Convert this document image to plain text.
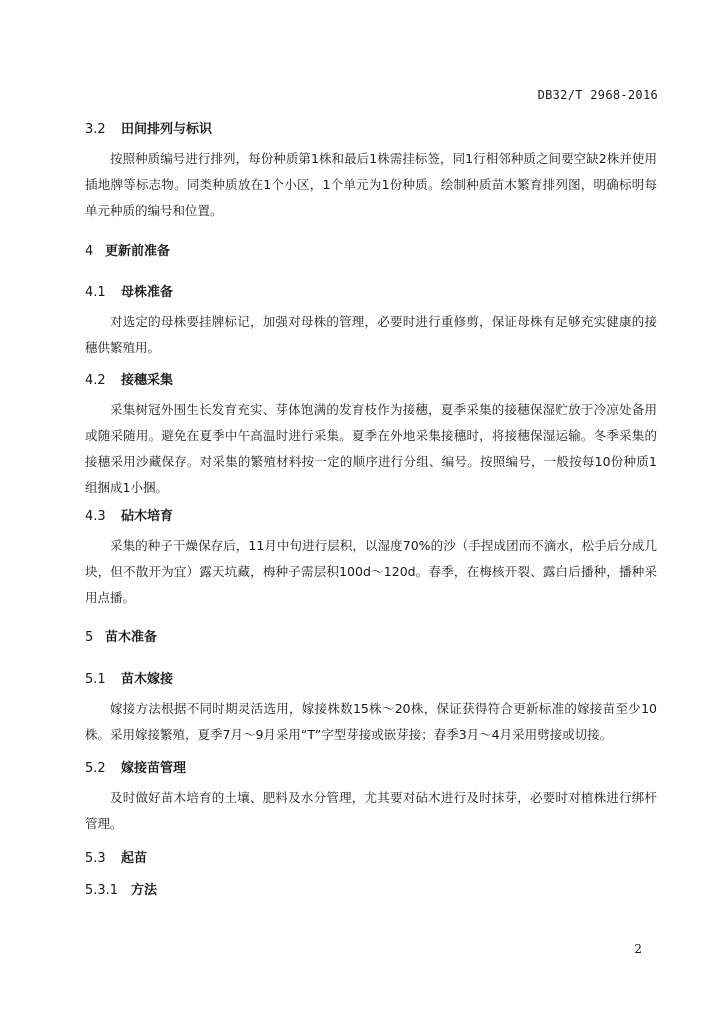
DB32/T 2968-2016
3.2 田间排列与标识
按照种质编号进行排列，每份种质第1株和最后1株需挂标签，同1行相邻种质之间要空缺2株并使用插地牌等标志物。同类种质放在1个小区，1个单元为1份种质。绘制种质苗木繁育排列图，明确标明每单元种质的编号和位置。
4 更新前准备
4.1 母株准备
对选定的母株要挂牌标记，加强对母株的管理，必要时进行重修剪，保证母株有足够充实健康的接穗供繁殖用。
4.2 接穗采集
采集树冠外围生长发育充实、芽体饱满的发育枝作为接穗，夏季采集的接穗保湿贮放于冷凉处备用或随采随用。避免在夏季中午高温时进行采集。夏季在外地采集接穗时，将接穗保湿运输。冬季采集的接穗采用沙藏保存。对采集的繁殖材料按一定的顺序进行分组、编号。按照编号，一般按每10份种质1组捆成1小捆。
4.3 砧木培育
采集的种子干燥保存后，11月中旬进行层积，以湿度70%的沙（手捏成团而不滴水，松手后分成几块，但不散开为宜）露天坑藏，梅种子需层积100d～120d。春季，在梅核开裂、露白后播种，播种采用点播。
5 苗木准备
5.1 苗木嫁接
嫁接方法根据不同时期灵活选用，嫁接株数15株～20株，保证获得符合更新标准的嫁接苗至少10株。采用嫁接繁殖，夏季7月～9月采用“T”字型芽接或嵌芽接；春季3月～4月采用劈接或切接。
5.2 嫁接苗管理
及时做好苗木培育的土壤、肥料及水分管理，尤其要对砧木进行及时抹芽，必要时对植株进行绑杆管理。
5.3 起苗
5.3.1 方法
2
